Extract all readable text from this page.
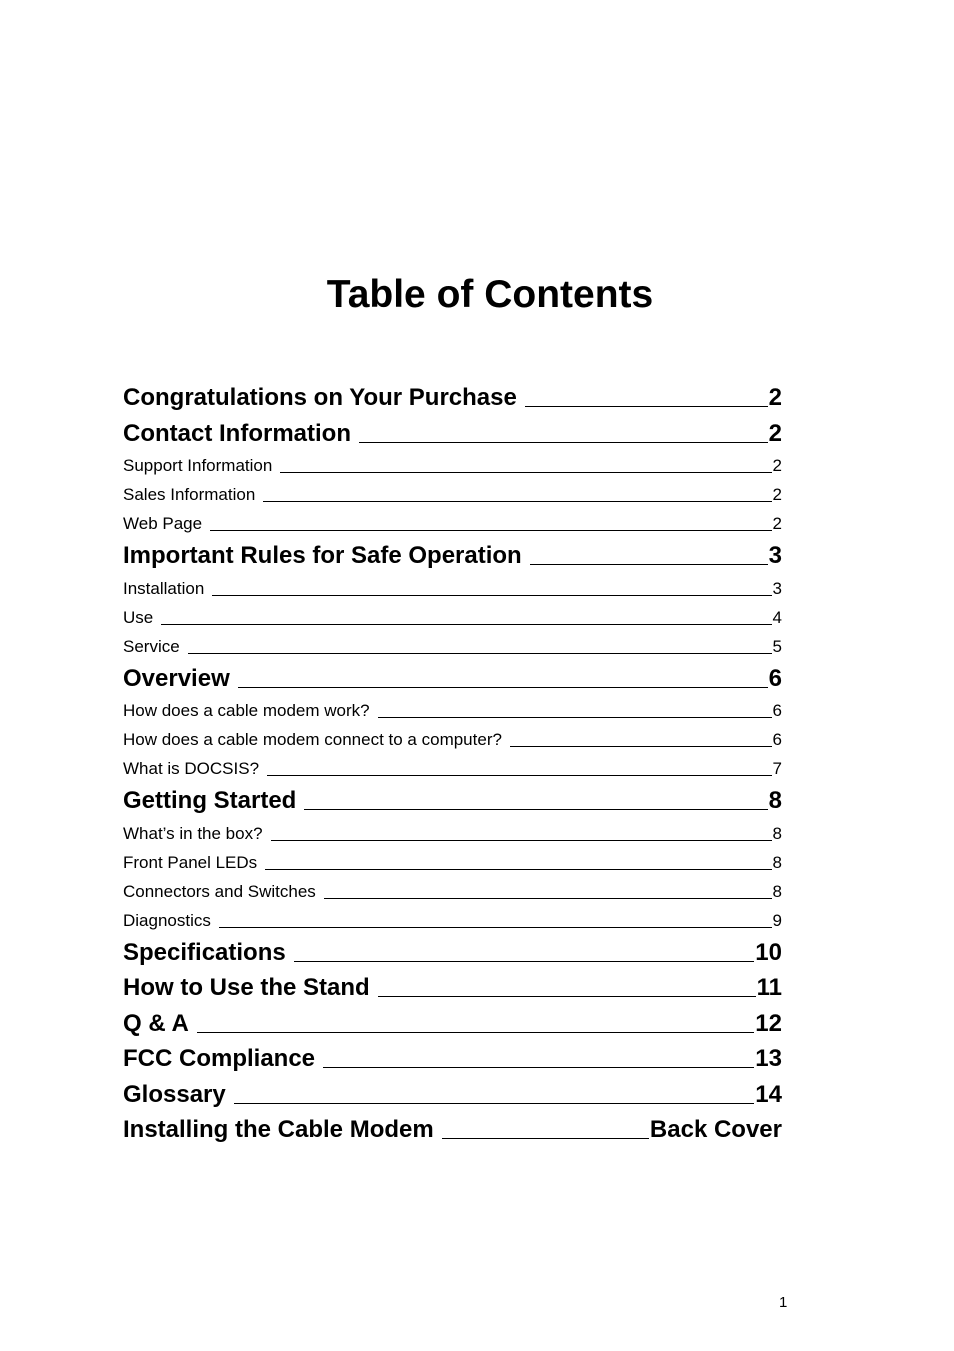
Table of Contents
Congratulations on Your Purchase	2
Contact Information	2
Support Information	2
Sales Information	2
Web Page	2
Important Rules for Safe Operation	3
Installation	3
Use	4
Service	5
Overview	6
How does a cable modem work?	6
How does a cable modem connect to a computer?	6
What is DOCSIS?	7
Getting Started	8
What’s in the box?	8
Front Panel LEDs	8
Connectors and Switches	8
Diagnostics	9
Specifications	10
How to Use the Stand	11
Q & A	12
FCC Compliance	13
Glossary	14
Installing the Cable Modem	Back Cover
1
